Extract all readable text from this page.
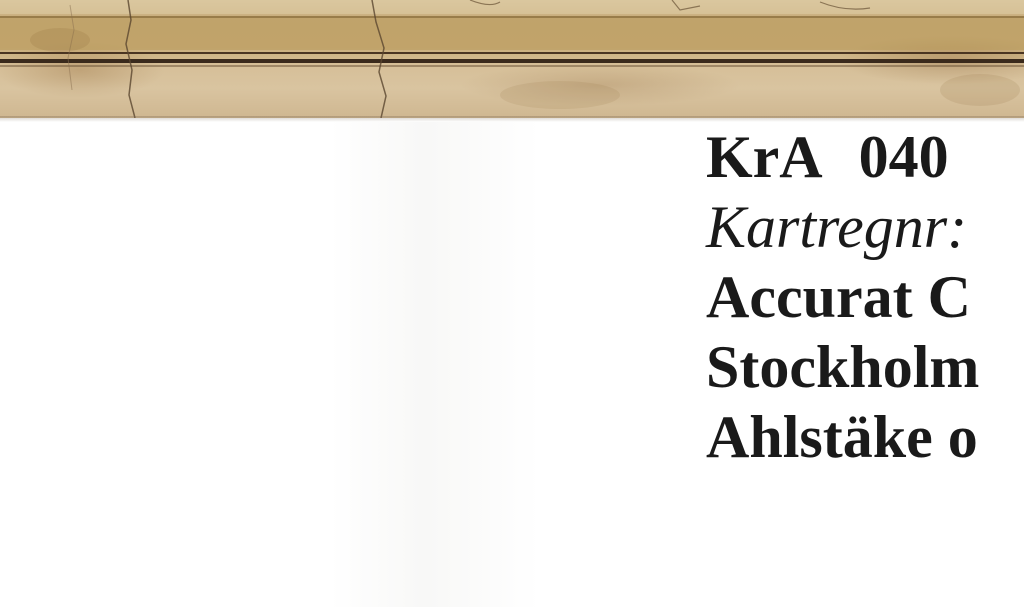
KrA 040
Kartregnr:
Accurat C
Stockholm
Ahlstäke o
